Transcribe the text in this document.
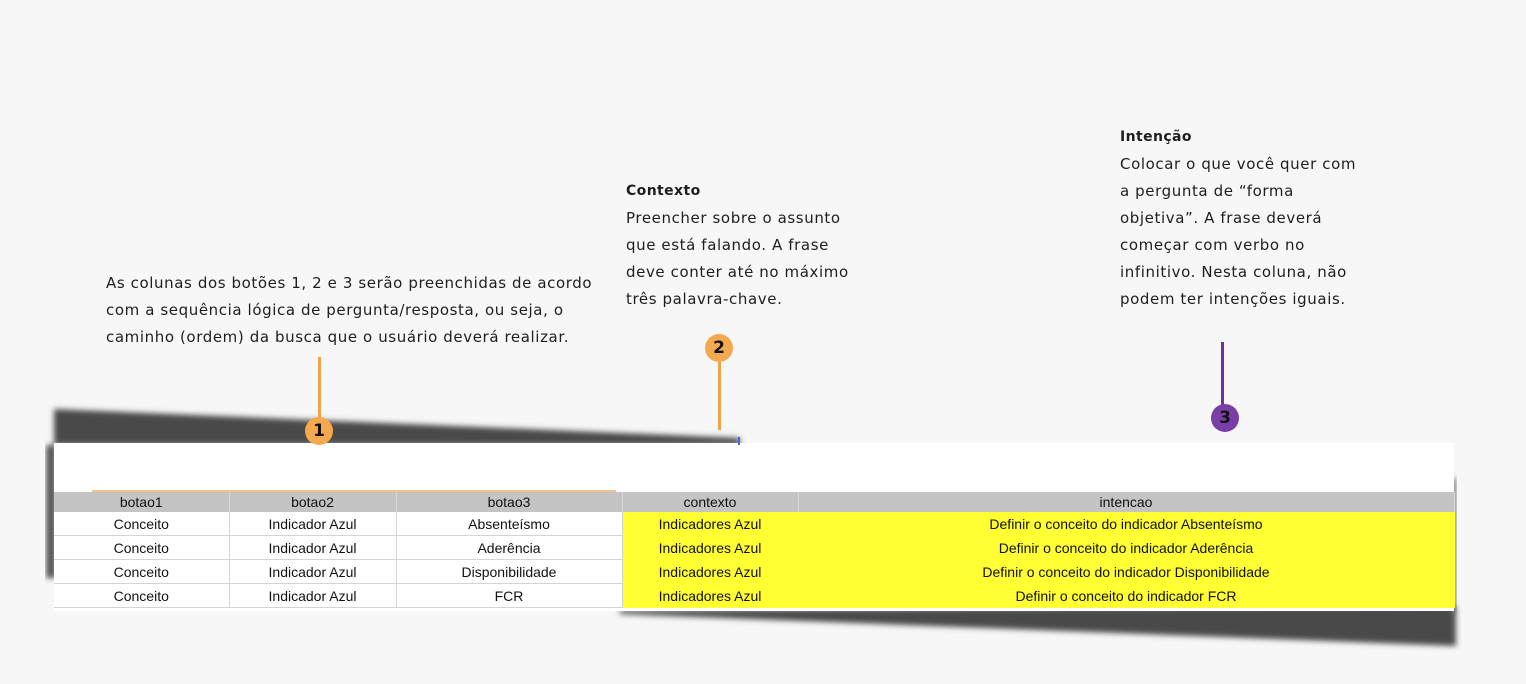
As colunas dos botões 1, 2 e 3 serão preenchidas de acordo com a sequência lógica de pergunta/resposta, ou seja, o caminho (ordem) da busca que o usuário deverá realizar.
Contexto
Preencher sobre o assunto que está falando. A frase deve conter até no máximo três palavra-chave.
Intenção
Colocar o que você quer com a pergunta de “forma objetiva”. A frase deverá começar com verbo no infinitivo. Nesta coluna, não podem ter intenções iguais.
1
2
3
botao1	botao2	botao3	contexto	intencao
Conceito	Indicador Azul	Absenteísmo	Indicadores Azul	Definir o conceito do indicador Absenteísmo
Conceito	Indicador Azul	Aderência	Indicadores Azul	Definir o conceito do indicador Aderência
Conceito	Indicador Azul	Disponibilidade	Indicadores Azul	Definir o conceito do indicador Disponibilidade
Conceito	Indicador Azul	FCR	Indicadores Azul	Definir o conceito do indicador FCR
